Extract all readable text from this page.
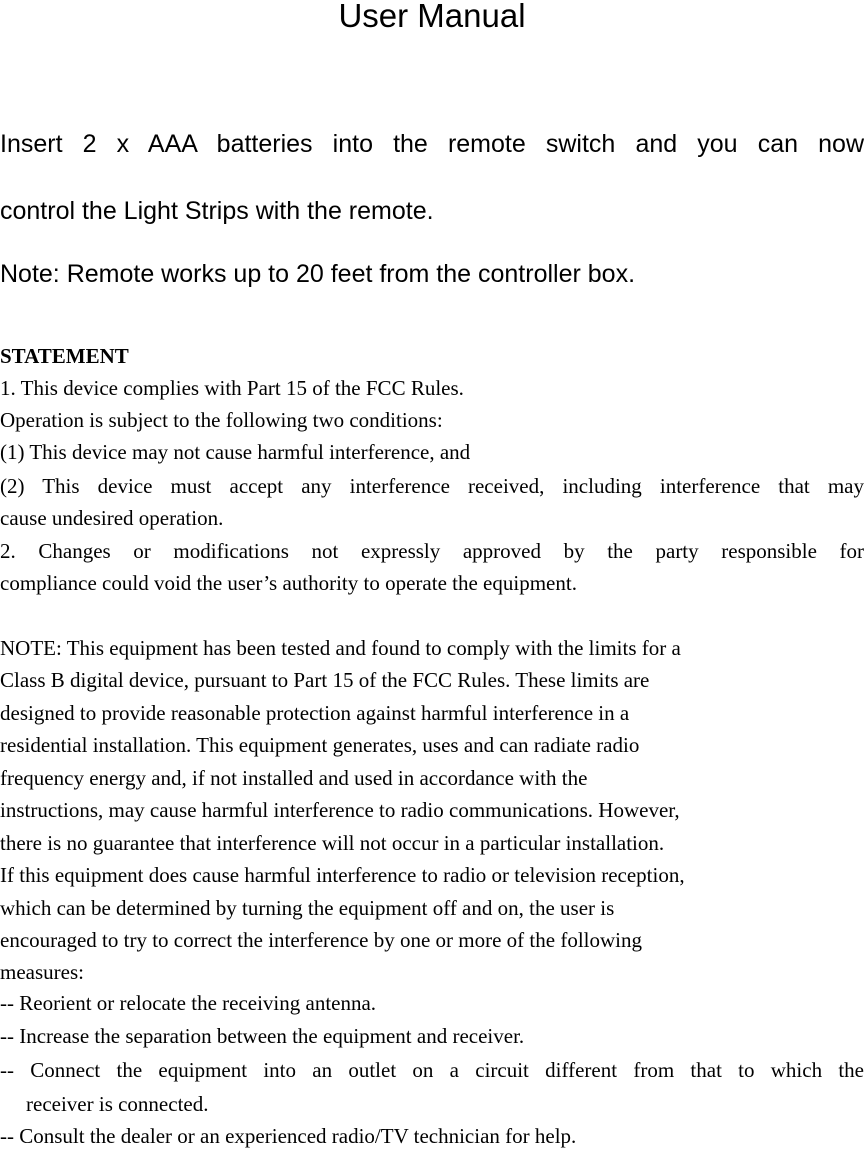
User Manual
Insert 2 x AAA batteries into the remote switch and you can now
control the Light Strips with the remote.
Note: Remote works up to 20 feet from the controller box.
STATEMENT
1. This device complies with Part 15 of the FCC Rules.
Operation is subject to the following two conditions:
(1) This device may not cause harmful interference, and
(2) This device must accept any interference received, including interference that may
cause undesired operation.
2. Changes or modifications not expressly approved by the party responsible for
compliance could void the user’s authority to operate the equipment.
NOTE: This equipment has been tested and found to comply with the limits for a
Class B digital device, pursuant to Part 15 of the FCC Rules. These limits are
designed to provide reasonable protection against harmful interference in a
residential installation. This equipment generates, uses and can radiate radio
frequency energy and, if not installed and used in accordance with the
instructions, may cause harmful interference to radio communications. However,
there is no guarantee that interference will not occur in a particular installation.
If this equipment does cause harmful interference to radio or television reception,
which can be determined by turning the equipment off and on, the user is
encouraged to try to correct the interference by one or more of the following
measures:
-- Reorient or relocate the receiving antenna.
-- Increase the separation between the equipment and receiver.
-- Connect the equipment into an outlet on a circuit different from that to which the
receiver is connected.
-- Consult the dealer or an experienced radio/TV technician for help.
